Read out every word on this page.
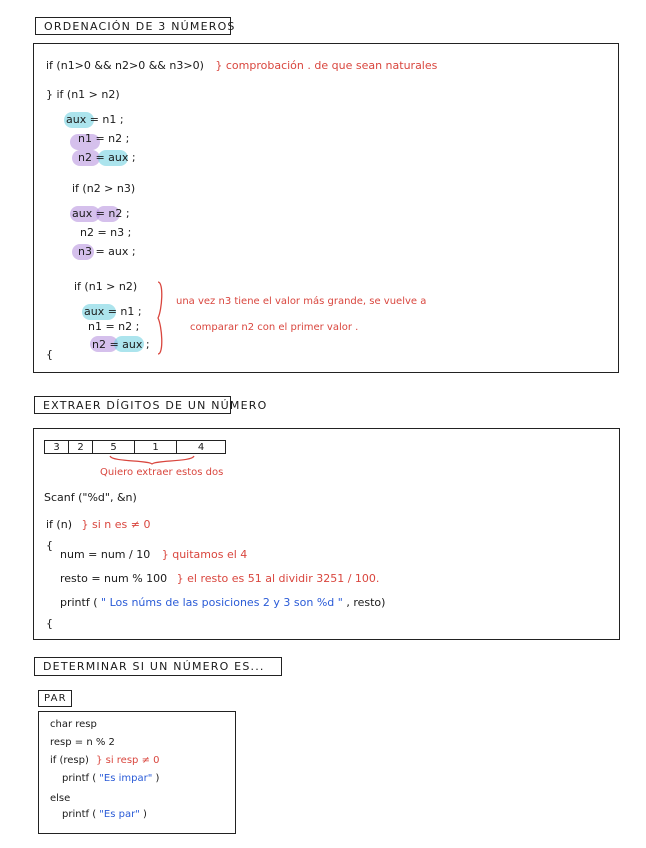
ORDENACIÓN DE 3 NÚMEROS
if (n1>0 && n2>0 && n3>0) } comprobación . de que sean naturales
} if (n1 > n2)
aux = n1 ;
n1 = n2 ;
n2 = aux ;
if (n2 > n3)
aux = n2 ;
n2 = n3 ;
n3 = aux ;
if (n1 > n2)
aux = n1 ;
n1 = n2 ;
n2 = aux ;
una vez n3 tiene el valor más grande, se vuelve a
comparar n2 con el primer valor .
{
EXTRAER DÍGITOS DE UN NÚMERO
3	2	5	1	4
Quiero extraer estos dos
Scanf ("%d", &n)
if (n) } si n es ≠ 0
{
num = num / 10 } quitamos el 4
resto = num % 100 } el resto es 51 al dividir 3251 / 100.
printf ( " Los núms de las posiciones 2 y 3 son %d " , resto)
{
DETERMINAR SI UN NÚMERO ES...
PAR
char resp
resp = n % 2
if (resp) } si resp ≠ 0
printf ( "Es impar" )
else
printf ( "Es par" )
